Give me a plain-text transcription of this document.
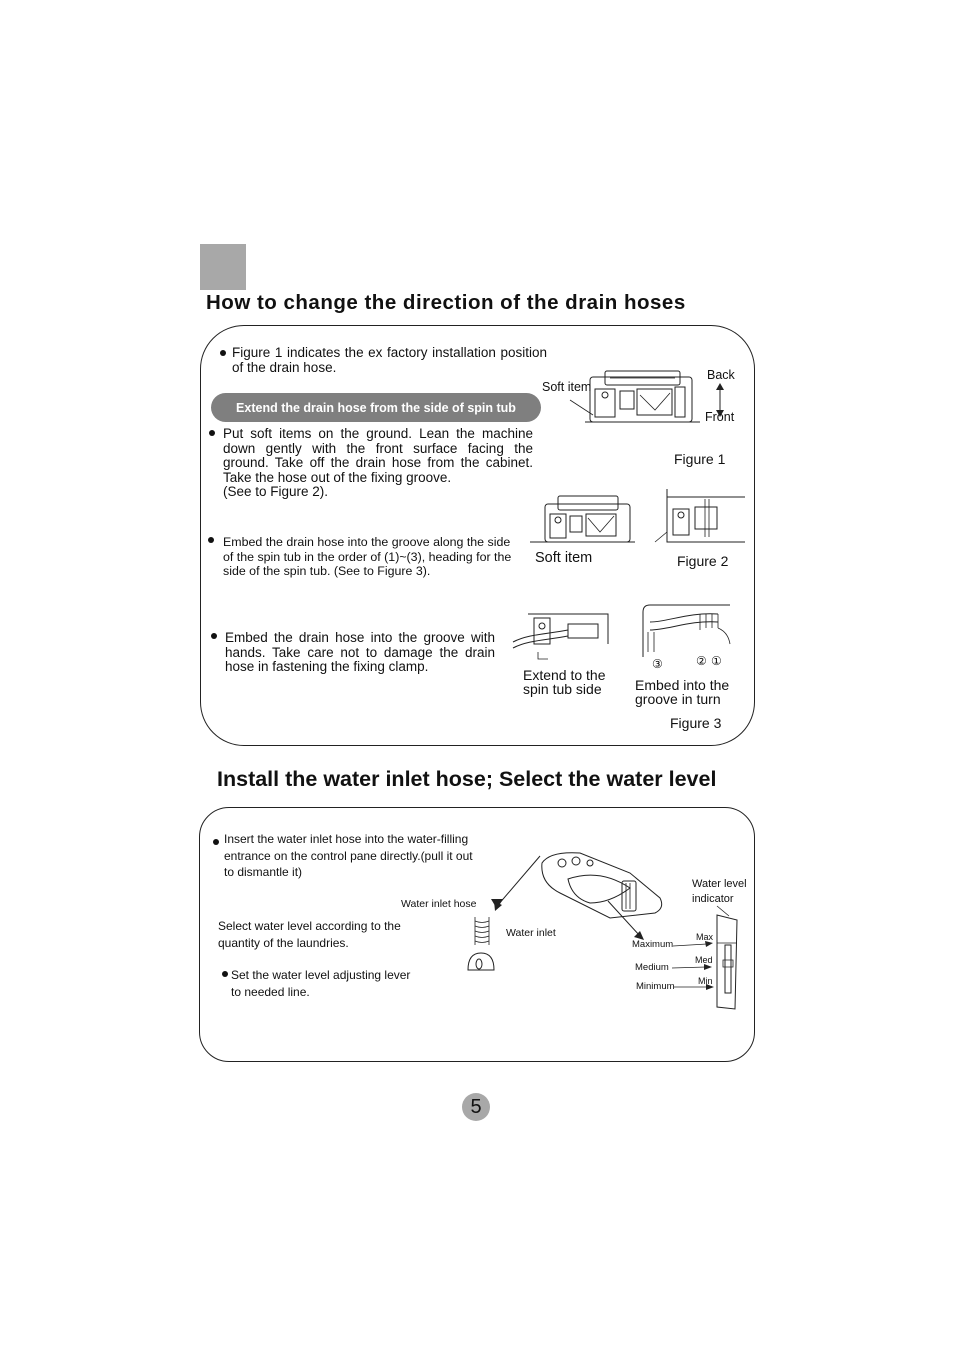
How to change the direction of the drain hoses
Figure 1 indicates the ex factory installation position of the drain hose.
Extend the drain hose from the side of spin tub
Put soft items on the ground. Lean the machine down gently with the front surface facing the ground. Take off the drain hose from the cabinet. Take the hose out of the fixing groove.
(See to Figure 2).
Embed the drain hose into the groove along the side of the spin tub in the order of (1)~(3), heading for the side of the spin tub. (See to Figure 3).
Embed the drain hose into the groove with hands. Take care not to damage the drain hose in fastening the fixing clamp.
Soft item
Back
Front
Figure 1
Soft item	Figure 2
Extend to the
spin tub side
③	② ①
Embed into the
groove in turn
Figure 3
Install the water inlet hose; Select the water level
Insert the water inlet hose into the water-filling entrance on the control pane directly.(pull it out to dismantle it)
Select water level according to the quantity of the laundries.
Set the water level adjusting lever to needed line.
Water inlet hose
Water inlet
Water level
indicator
Max
Med
Min
Maximum
Medium
Minimum
5
